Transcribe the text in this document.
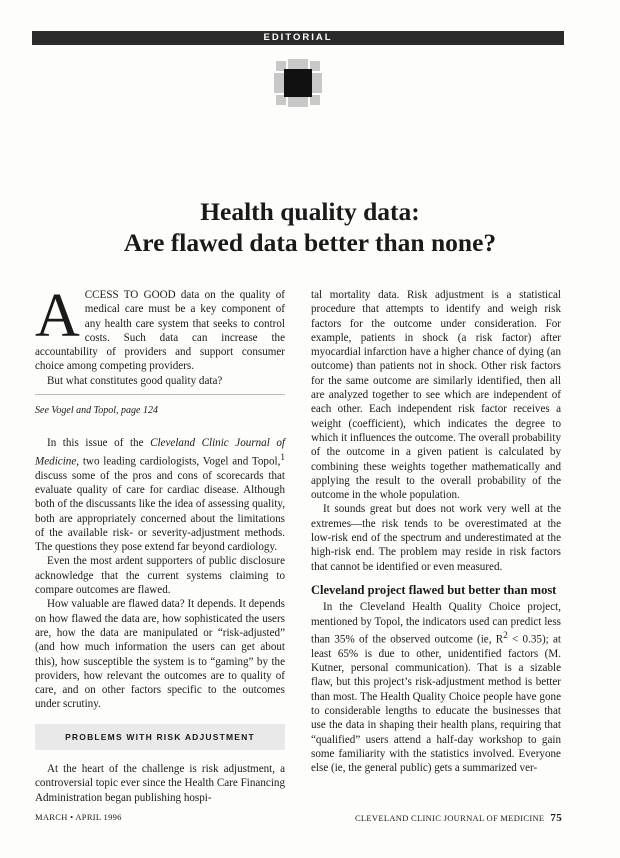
EDITORIAL
Health quality data:
Are flawed data better than none?

ACCESS TO GOOD data on the quality of medical care must be a key component of any health care system that seeks to control costs. Such data can increase the accountability of providers and support consumer choice among competing providers.

But what constitutes good quality data?

See Vogel and Topol, page 124

In this issue of the Cleveland Clinic Journal of Medicine, two leading cardiologists, Vogel and Topol,$^1$ discuss some of the pros and cons of scorecards that evaluate quality of care for cardiac disease. Although both of the discussants like the idea of assessing quality, both are appropriately concerned about the limitations of the available risk- or severity-adjustment methods. The questions they pose extend far beyond cardiology.

Even the most ardent supporters of public disclosure acknowledge that the current systems claiming to compare outcomes are flawed.

How valuable are flawed data? It depends. It depends on how flawed the data are, how sophisticated the users are, how the data are manipulated or “risk-adjusted” (and how much information the users can get about this), how susceptible the system is to “gaming” by the providers, how relevant the outcomes are to quality of care, and on other factors specific to the outcomes under scrutiny.

PROBLEMS WITH RISK ADJUSTMENT

At the heart of the challenge is risk adjustment, a controversial topic ever since the Health Care Financing Administration began publishing hospi-

tal mortality data. Risk adjustment is a statistical procedure that attempts to identify and weigh risk factors for the outcome under consideration. For example, patients in shock (a risk factor) after myocardial infarction have a higher chance of dying (an outcome) than patients not in shock. Other risk factors for the same outcome are similarly identified, then all are analyzed together to see which are independent of each other. Each independent risk factor receives a weight (coefficient), which indicates the degree to which it influences the outcome. The overall probability of the outcome in a given patient is calculated by combining these weights together mathematically and applying the result to the overall probability of the outcome in the whole population.

It sounds great but does not work very well at the extremes—the risk tends to be overestimated at the low-risk end of the spectrum and underestimated at the high-risk end. The problem may reside in risk factors that cannot be identified or even measured.

Cleveland project flawed but better than most

In the Cleveland Health Quality Choice project, mentioned by Topol, the indicators used can predict less than 35% of the observed outcome (ie, $R^2 < 0.35$); at least 65% is due to other, unidentified factors (M. Kutner, personal communication). That is a sizable flaw, but this project’s risk-adjustment method is better than most. The Health Quality Choice people have gone to considerable lengths to educate the businesses that use the data in shaping their health plans, requiring that “qualified” users attend a half-day workshop to gain some familiarity with the statistics involved. Everyone else (ie, the general public) gets a summarized ver-

MARCH • APRIL 1996	CLEVELAND CLINIC JOURNAL OF MEDICINE 75
